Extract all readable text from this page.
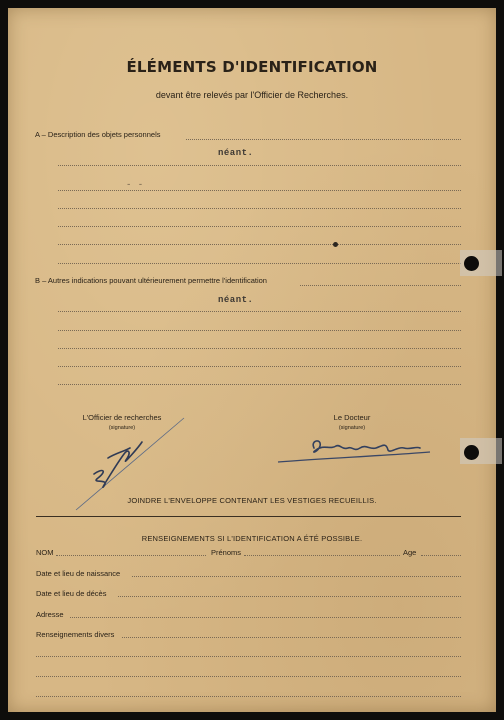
ÉLÉMENTS D'IDENTIFICATION
devant être relevés par l'Officier de Recherches.
A – Description des objets personnels
néant.
- -
B – Autres indications pouvant ultérieurement permettre l'identification
néant.
L'Officier de recherches
(signature)
Le Docteur
(signature)
JOINDRE L'ENVELOPPE CONTENANT LES VESTIGES RECUEILLIS.
RENSEIGNEMENTS SI L'IDENTIFICATION A ÉTÉ POSSIBLE.
NOM	Prénoms	Age
Date et lieu de naissance
Date et lieu de décès
Adresse
Renseignements divers
